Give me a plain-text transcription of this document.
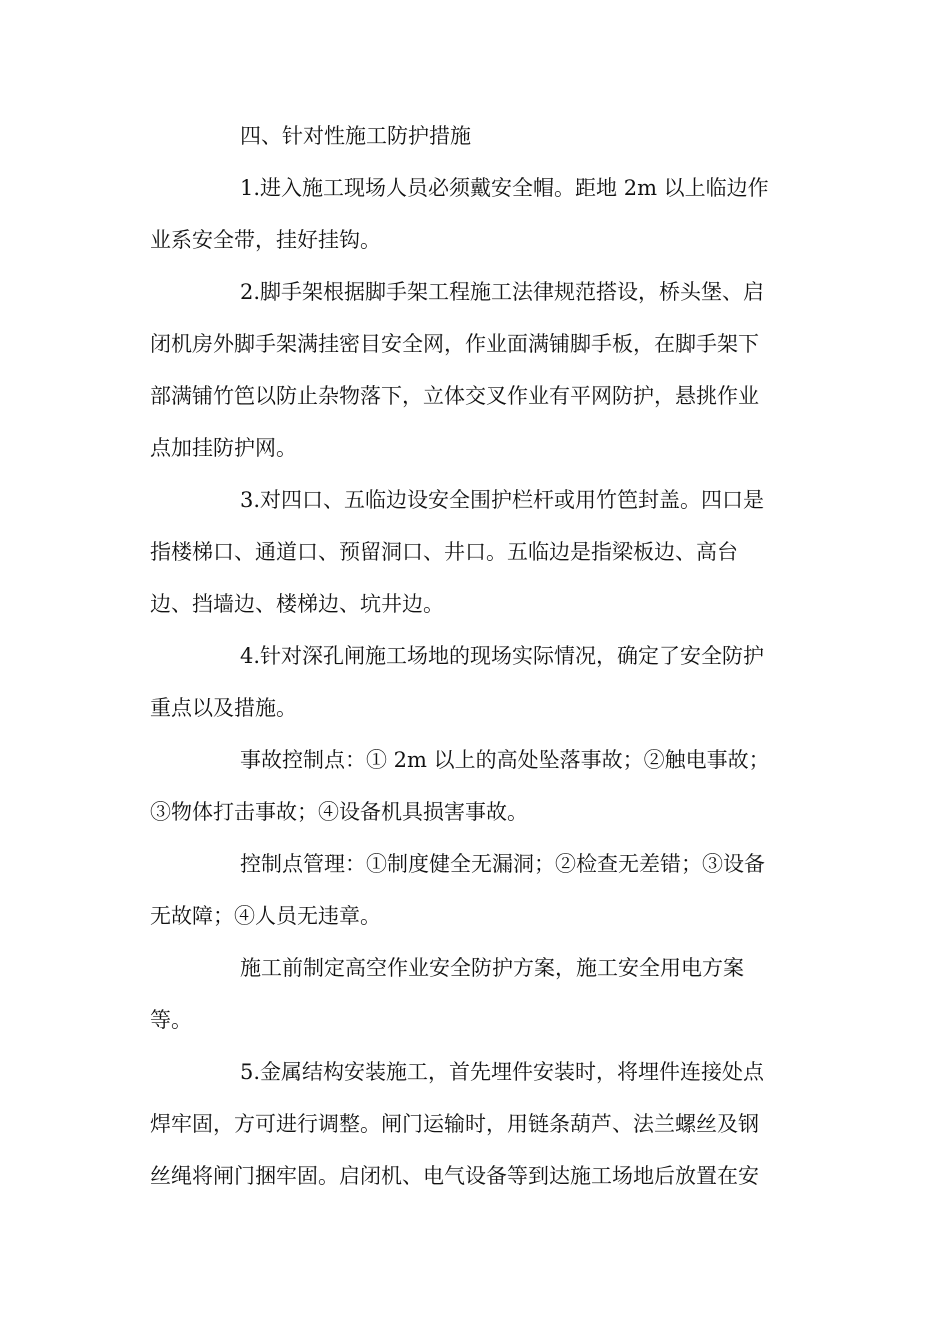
四、针对性施工防护措施
1.进入施工现场人员必须戴安全帽。距地 2m 以上临边作
业系安全带，挂好挂钩。
2.脚手架根据脚手架工程施工法律规范搭设，桥头堡、启
闭机房外脚手架满挂密目安全网，作业面满铺脚手板，在脚手架下
部满铺竹笆以防止杂物落下，立体交叉作业有平网防护，悬挑作业
点加挂防护网。
3.对四口、五临边设安全围护栏杆或用竹笆封盖。四口是
指楼梯口、通道口、预留洞口、井口。五临边是指梁板边、高台
边、挡墙边、楼梯边、坑井边。
4.针对深孔闸施工场地的现场实际情况，确定了安全防护
重点以及措施。
事故控制点：① 2m 以上的高处坠落事故；②触电事故；
③物体打击事故；④设备机具损害事故。
控制点管理：①制度健全无漏洞；②检查无差错；③设备
无故障；④人员无违章。
施工前制定高空作业安全防护方案，施工安全用电方案
等。
5.金属结构安装施工，首先埋件安装时，将埋件连接处点
焊牢固，方可进行调整。闸门运输时，用链条葫芦、法兰螺丝及钢
丝绳将闸门捆牢固。启闭机、电气设备等到达施工场地后放置在安
